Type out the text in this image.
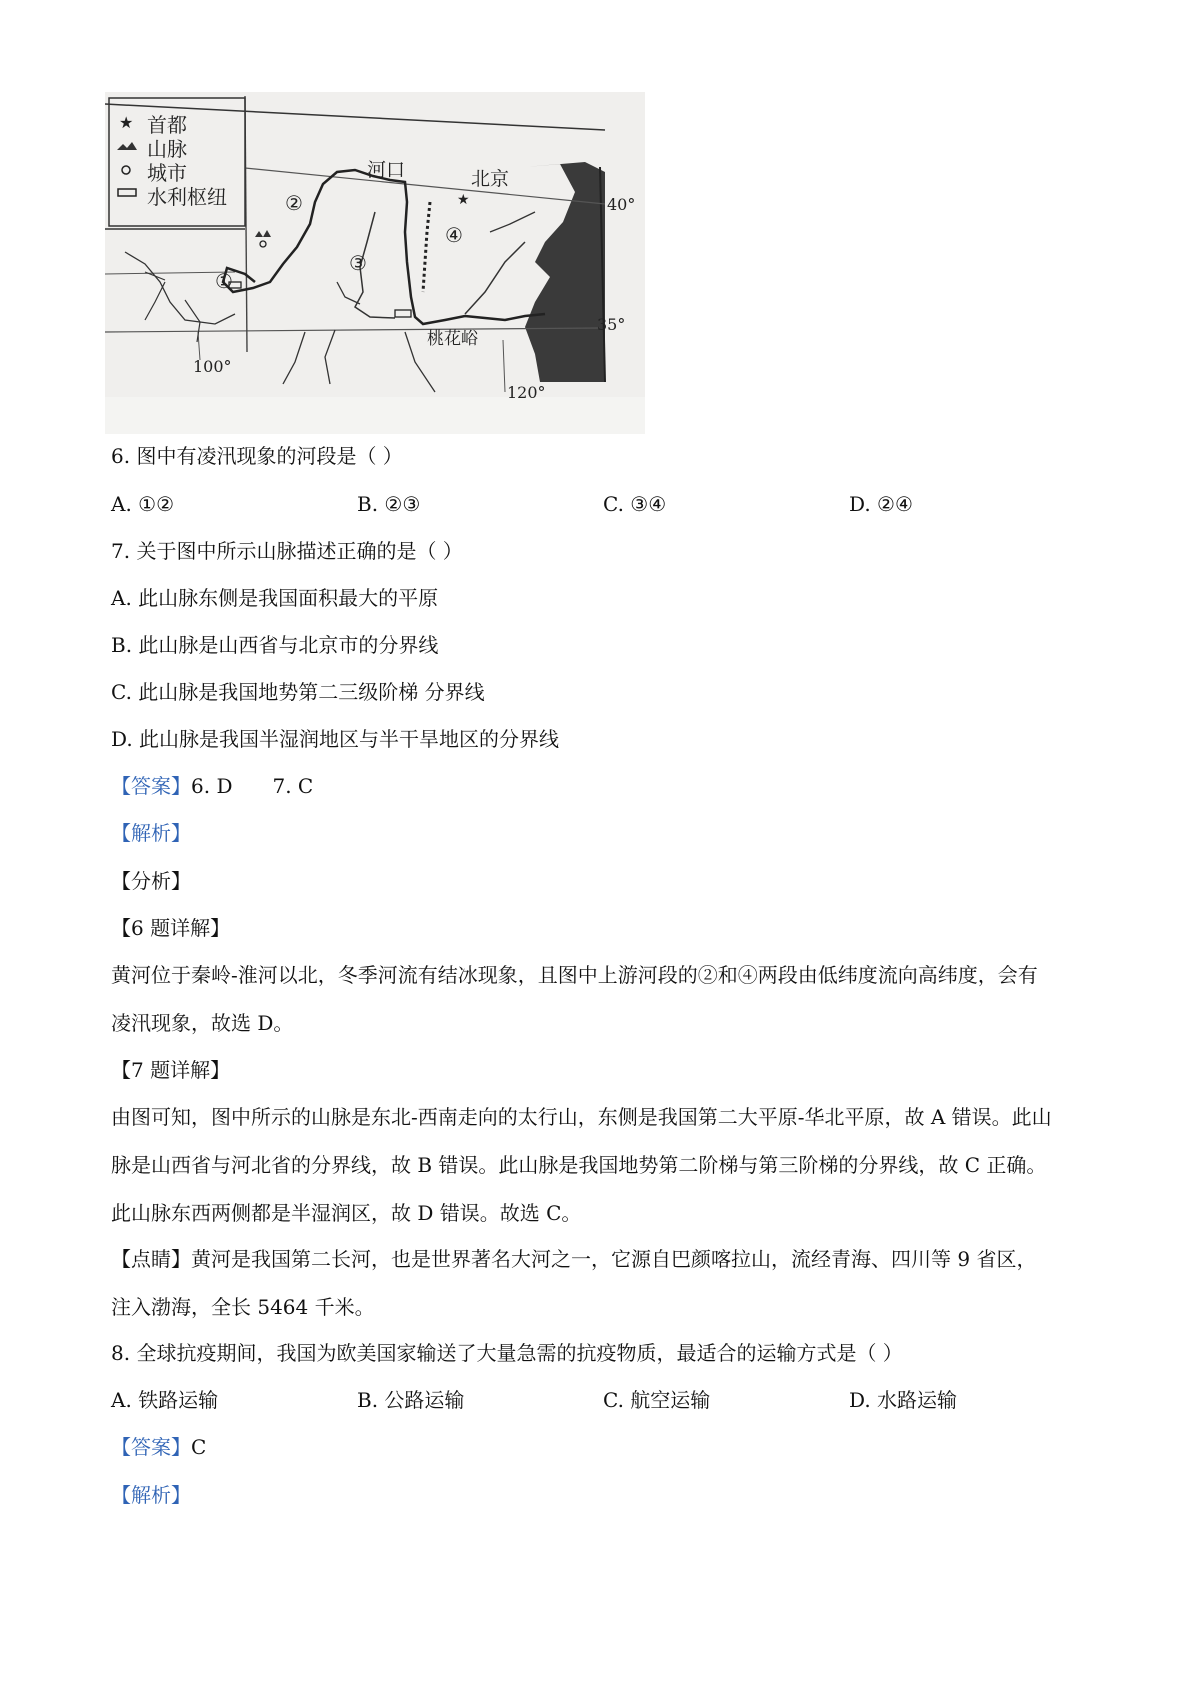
★ 首都
山脉
城市
水利枢纽	★
河口	北京
桃花峪
40°
35°
100°
120°
①
②
③
④
6. 图中有凌汛现象的河段是（ ）
A. ①②	B. ②③	C. ③④	D. ②④
7. 关于图中所示山脉描述正确的是（ ）
A. 此山脉东侧是我国面积最大的平原
B. 此山脉是山西省与北京市的分界线
C. 此山脉是我国地势第二三级阶梯 分界线
D. 此山脉是我国半湿润地区与半干旱地区的分界线
【答案】6. D 7. C
【解析】
【分析】
【6 题详解】
黄河位于秦岭-淮河以北，冬季河流有结冰现象，且图中上游河段的②和④两段由低纬度流向高纬度，会有
凌汛现象，故选 D。
【7 题详解】
由图可知，图中所示的山脉是东北-西南走向的太行山，东侧是我国第二大平原-华北平原，故 A 错误。此山
脉是山西省与河北省的分界线，故 B 错误。此山脉是我国地势第二阶梯与第三阶梯的分界线，故 C 正确。
此山脉东西两侧都是半湿润区，故 D 错误。故选 C。
【点睛】黄河是我国第二长河，也是世界著名大河之一，它源自巴颜喀拉山，流经青海、四川等 9 省区，
注入渤海，全长 5464 千米。
8. 全球抗疫期间，我国为欧美国家输送了大量急需的抗疫物质，最适合的运输方式是（ ）
A. 铁路运输	B. 公路运输	C. 航空运输	D. 水路运输
【答案】C
【解析】
